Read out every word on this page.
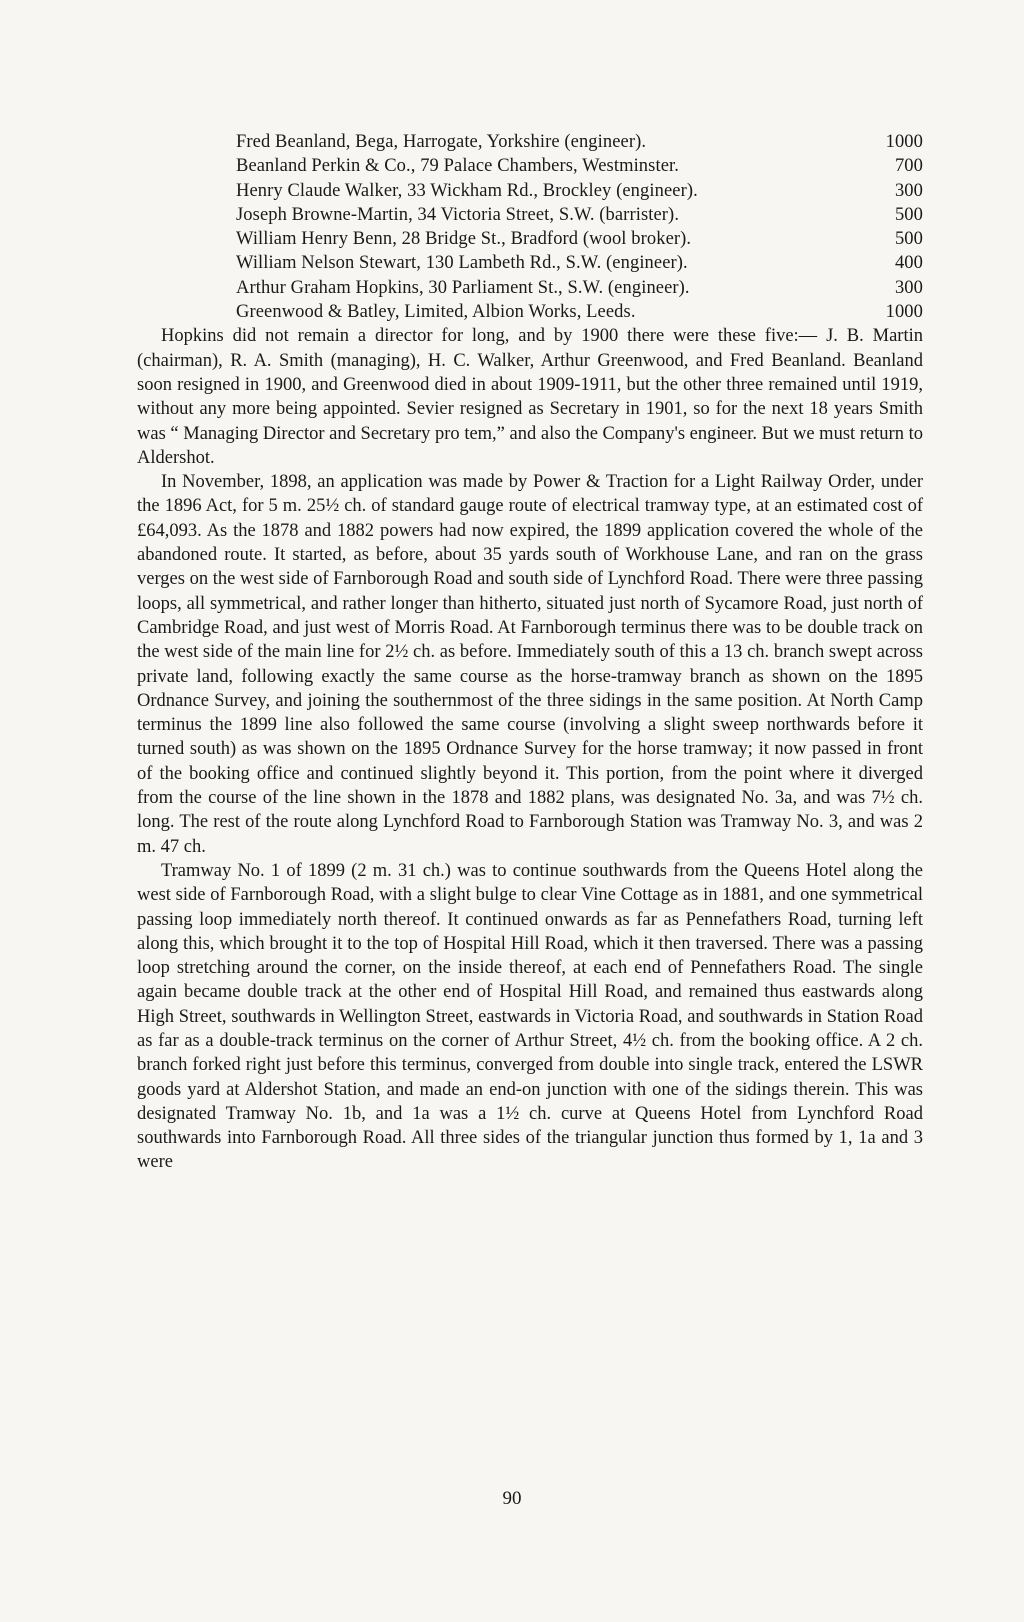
Fred Beanland, Bega, Harrogate, Yorkshire (engineer).	1000
Beanland Perkin & Co., 79 Palace Chambers, Westminster.	700
Henry Claude Walker, 33 Wickham Rd., Brockley (engineer).	300
Joseph Browne-Martin, 34 Victoria Street, S.W. (barrister).	500
William Henry Benn, 28 Bridge St., Bradford (wool broker).	500
William Nelson Stewart, 130 Lambeth Rd., S.W. (engineer).	400
Arthur Graham Hopkins, 30 Parliament St., S.W. (engineer).	300
Greenwood & Batley, Limited, Albion Works, Leeds.	1000

Hopkins did not remain a director for long, and by 1900 there were these five:— J. B. Martin (chairman), R. A. Smith (managing), H. C. Walker, Arthur Greenwood, and Fred Beanland. Beanland soon resigned in 1900, and Greenwood died in about 1909-1911, but the other three remained until 1919, without any more being appointed. Sevier resigned as Secretary in 1901, so for the next 18 years Smith was “ Managing Director and Secretary pro tem,” and also the Company's engineer. But we must return to Aldershot.

In November, 1898, an application was made by Power & Traction for a Light Railway Order, under the 1896 Act, for 5 m. 25½ ch. of standard gauge route of electrical tramway type, at an estimated cost of £64,093. As the 1878 and 1882 powers had now expired, the 1899 application covered the whole of the abandoned route. It started, as before, about 35 yards south of Workhouse Lane, and ran on the grass verges on the west side of Farnborough Road and south side of Lynchford Road. There were three passing loops, all symmetrical, and rather longer than hitherto, situated just north of Sycamore Road, just north of Cambridge Road, and just west of Morris Road. At Farnborough terminus there was to be double track on the west side of the main line for 2½ ch. as before. Immediately south of this a 13 ch. branch swept across private land, following exactly the same course as the horse-tramway branch as shown on the 1895 Ordnance Survey, and joining the southernmost of the three sidings in the same position. At North Camp terminus the 1899 line also followed the same course (involving a slight sweep northwards before it turned south) as was shown on the 1895 Ordnance Survey for the horse tramway; it now passed in front of the booking office and continued slightly beyond it. This portion, from the point where it diverged from the course of the line shown in the 1878 and 1882 plans, was designated No. 3a, and was 7½ ch. long. The rest of the route along Lynchford Road to Farnborough Station was Tramway No. 3, and was 2 m. 47 ch.

Tramway No. 1 of 1899 (2 m. 31 ch.) was to continue southwards from the Queens Hotel along the west side of Farnborough Road, with a slight bulge to clear Vine Cottage as in 1881, and one symmetrical passing loop immediately north thereof. It continued onwards as far as Pennefathers Road, turning left along this, which brought it to the top of Hospital Hill Road, which it then traversed. There was a passing loop stretching around the corner, on the inside thereof, at each end of Pennefathers Road. The single again became double track at the other end of Hospital Hill Road, and remained thus eastwards along High Street, southwards in Wellington Street, eastwards in Victoria Road, and southwards in Station Road as far as a double-track terminus on the corner of Arthur Street, 4½ ch. from the booking office. A 2 ch. branch forked right just before this terminus, converged from double into single track, entered the LSWR goods yard at Aldershot Station, and made an end-on junction with one of the sidings therein. This was designated Tramway No. 1b, and 1a was a 1½ ch. curve at Queens Hotel from Lynchford Road southwards into Farnborough Road. All three sides of the triangular junction thus formed by 1, 1a and 3 were

90
